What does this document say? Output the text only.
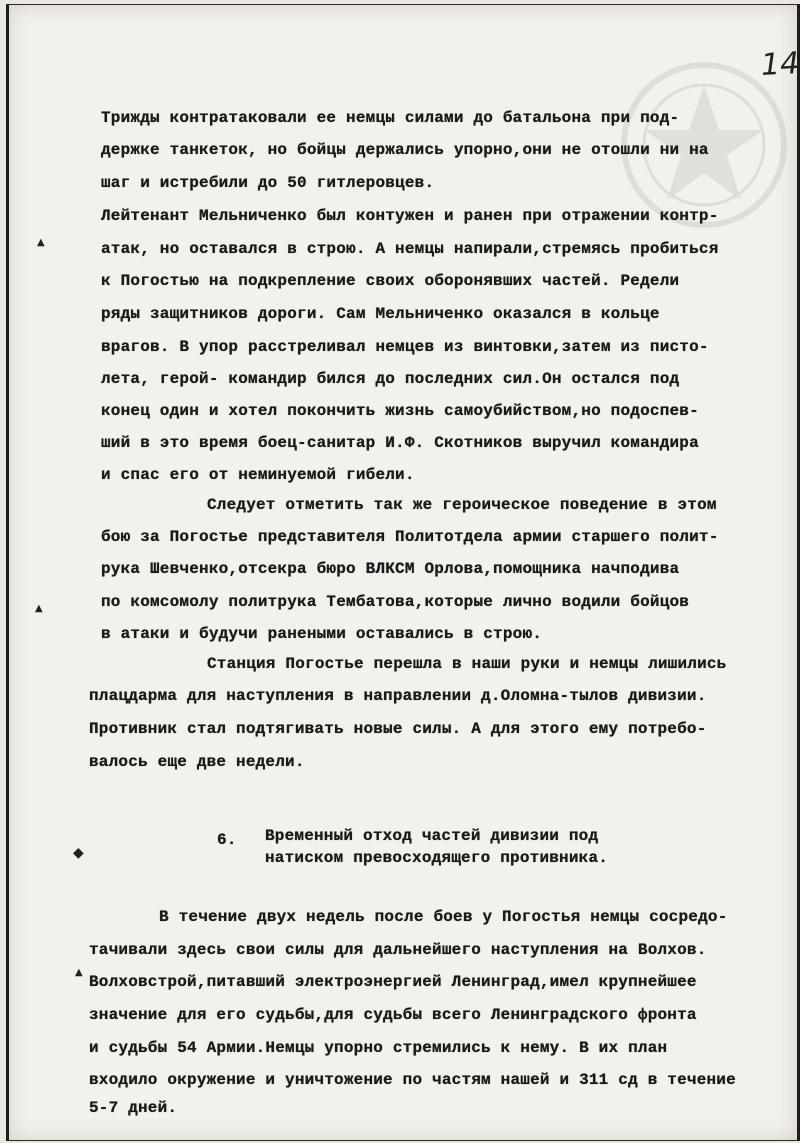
14
Трижды контратаковали ее немцы силами до батальона при под-
держке танкеток, но бойцы держались упорно,они не отошли ни на
шаг и истребили до 50 гитлеровцев.
Лейтенант Мельниченко был контужен и ранен при отражении контр-
атак, но оставался в строю. А немцы напирали,стремясь пробиться
к Погостью на подкрепление своих оборонявших частей. Редели
ряды защитников дороги. Сам Мельниченко оказался в кольце
врагов. В упор расстреливал немцев из винтовки,затем из писто-
лета, герой- командир бился до последних сил.Он остался под
конец один и хотел покончить жизнь самоубийством,но подоспев-
ший в это время боец-санитар И.Ф. Скотников выручил командира
и спас его от неминуемой гибели.
Следует отметить так же героическое поведение в этом
бою за Погостье представителя Политотдела армии старшего полит-
рука Шевченко,отсекра бюро ВЛКСМ Орлова,помощника начподива
по комсомолу политрука Тембатова,которые лично водили бойцов
в атаки и будучи ранеными оставались в строю.
Станция Погостье перешла в наши руки и немцы лишились
плацдарма для наступления в направлении д.Оломна-тылов дивизии.
Противник стал подтягивать новые силы. А для этого ему потребо-
валось еще две недели.
6. Временный отход частей дивизии под
натиском превосходящего противника.
В течение двух недель после боев у Погостья немцы сосредо-
тачивали здесь свои силы для дальнейшего наступления на Волхов.
Волховстрой,питавший электроэнергией Ленинград,имел крупнейшее
значение для его судьбы,для судьбы всего Ленинградского фронта
и судьбы 54 Армии.Немцы упорно стремились к нему. В их план
входило окружение и уничтожение по частям нашей и 311 сд в течение
5-7 дней.
▲
▲
◆
▲
